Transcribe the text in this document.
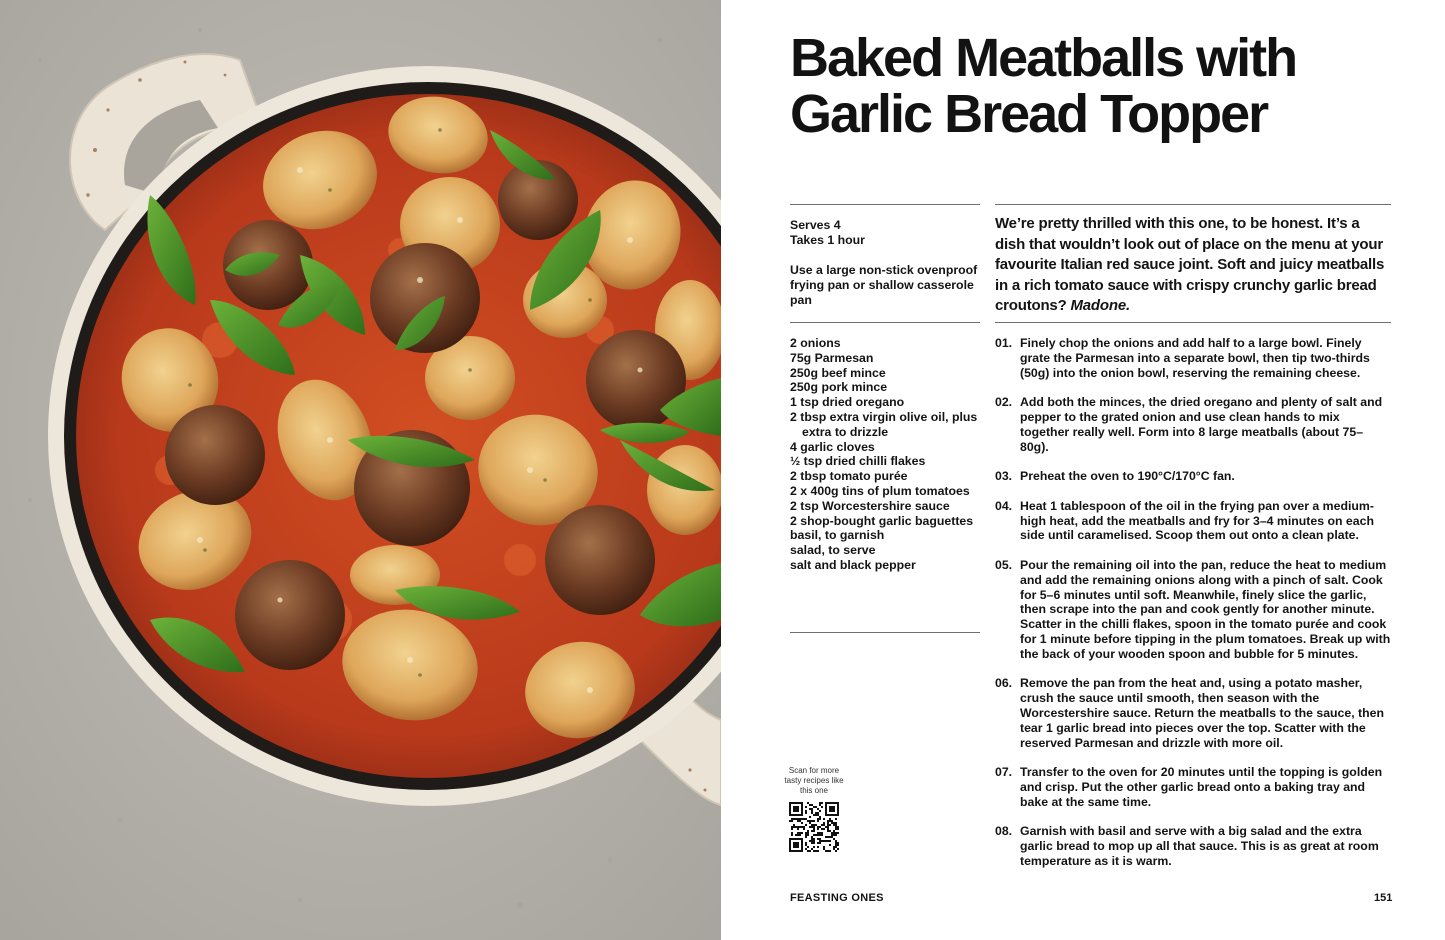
Baked Meatballs with Garlic Bread Topper
Serves 4
Takes 1 hour
Use a large non-stick ovenproof frying pan or shallow casserole pan

We’re pretty thrilled with this one, to be honest. It’s a dish that wouldn’t look out of place on the menu at your favourite Italian red sauce joint. Soft and juicy meatballs in a rich tomato sauce with crispy crunchy garlic bread croutons? Madone.

2 onions
75g Parmesan
250g beef mince
250g pork mince
1 tsp dried oregano
2 tbsp extra virgin olive oil, plus extra to drizzle
4 garlic cloves
½ tsp dried chilli flakes
2 tbsp tomato purée
2 x 400g tins of plum tomatoes
2 tsp Worcestershire sauce
2 shop-bought garlic baguettes
basil, to garnish
salad, to serve
salt and black pepper
01. Finely chop the onions and add half to a large bowl. Finely grate the Parmesan into a separate bowl, then tip two-thirds (50g) into the onion bowl, reserving the remaining cheese.
02. Add both the minces, the dried oregano and plenty of salt and pepper to the grated onion and use clean hands to mix together really well. Form into 8 large meatballs (about 75–80g).
03. Preheat the oven to 190°C/170°C fan.
04. Heat 1 tablespoon of the oil in the frying pan over a medium-high heat, add the meatballs and fry for 3–4 minutes on each side until caramelised. Scoop them out onto a clean plate.
05. Pour the remaining oil into the pan, reduce the heat to medium and add the remaining onions along with a pinch of salt. Cook for 5–6 minutes until soft. Meanwhile, finely slice the garlic, then scrape into the pan and cook gently for another minute. Scatter in the chilli flakes, spoon in the tomato purée and cook for 1 minute before tipping in the plum tomatoes. Break up with the back of your wooden spoon and bubble for 5 minutes.
06. Remove the pan from the heat and, using a potato masher, crush the sauce until smooth, then season with the Worcestershire sauce. Return the meatballs to the sauce, then tear 1 garlic bread into pieces over the top. Scatter with the reserved Parmesan and drizzle with more oil.
07. Transfer to the oven for 20 minutes until the topping is golden and crisp. Put the other garlic bread onto a baking tray and bake at the same time.
08. Garnish with basil and serve with a big salad and the extra garlic bread to mop up all that sauce. This is as great at room temperature as it is warm.
Scan for more tasty recipes like this one
FEASTING ONES	151
